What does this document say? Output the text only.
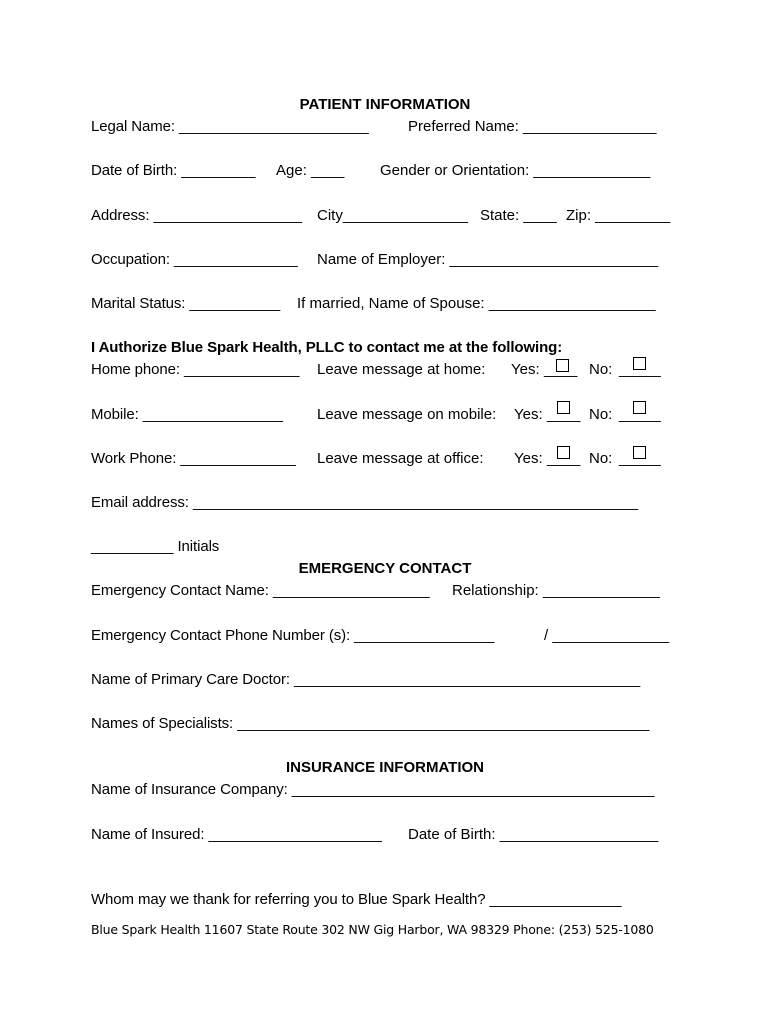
PATIENT INFORMATION
Legal Name: _______________________	Preferred Name: ________________
Date of Birth: _________ Age: ____ Gender or Orientation: ______________
Address: __________________ City_______________ State: ____ Zip: _________
Occupation: _______________ Name of Employer: _________________________
Marital Status: ___________ If married, Name of Spouse: ____________________
I Authorize Blue Spark Health, PLLC to contact me at the following:
Home phone: ______________ Leave message at home: Yes: ____ No: _____
Mobile: _________________ Leave message on mobile: Yes: ____ No: _____
Work Phone: ______________ Leave message at office: Yes: ____ No: _____
Email address: ______________________________________________________
__________ Initials
EMERGENCY CONTACT
Emergency Contact Name: ___________________ Relationship: ______________
Emergency Contact Phone Number (s): _________________	/ ______________
Name of Primary Care Doctor: __________________________________________
Names of Specialists: __________________________________________________
INSURANCE INFORMATION
Name of Insurance Company: ____________________________________________
Name of Insured: _____________________ Date of Birth: ___________________
Whom may we thank for referring you to Blue Spark Health? ________________
Blue Spark Health 11607 State Route 302 NW Gig Harbor, WA 98329 Phone: (253) 525-1080
